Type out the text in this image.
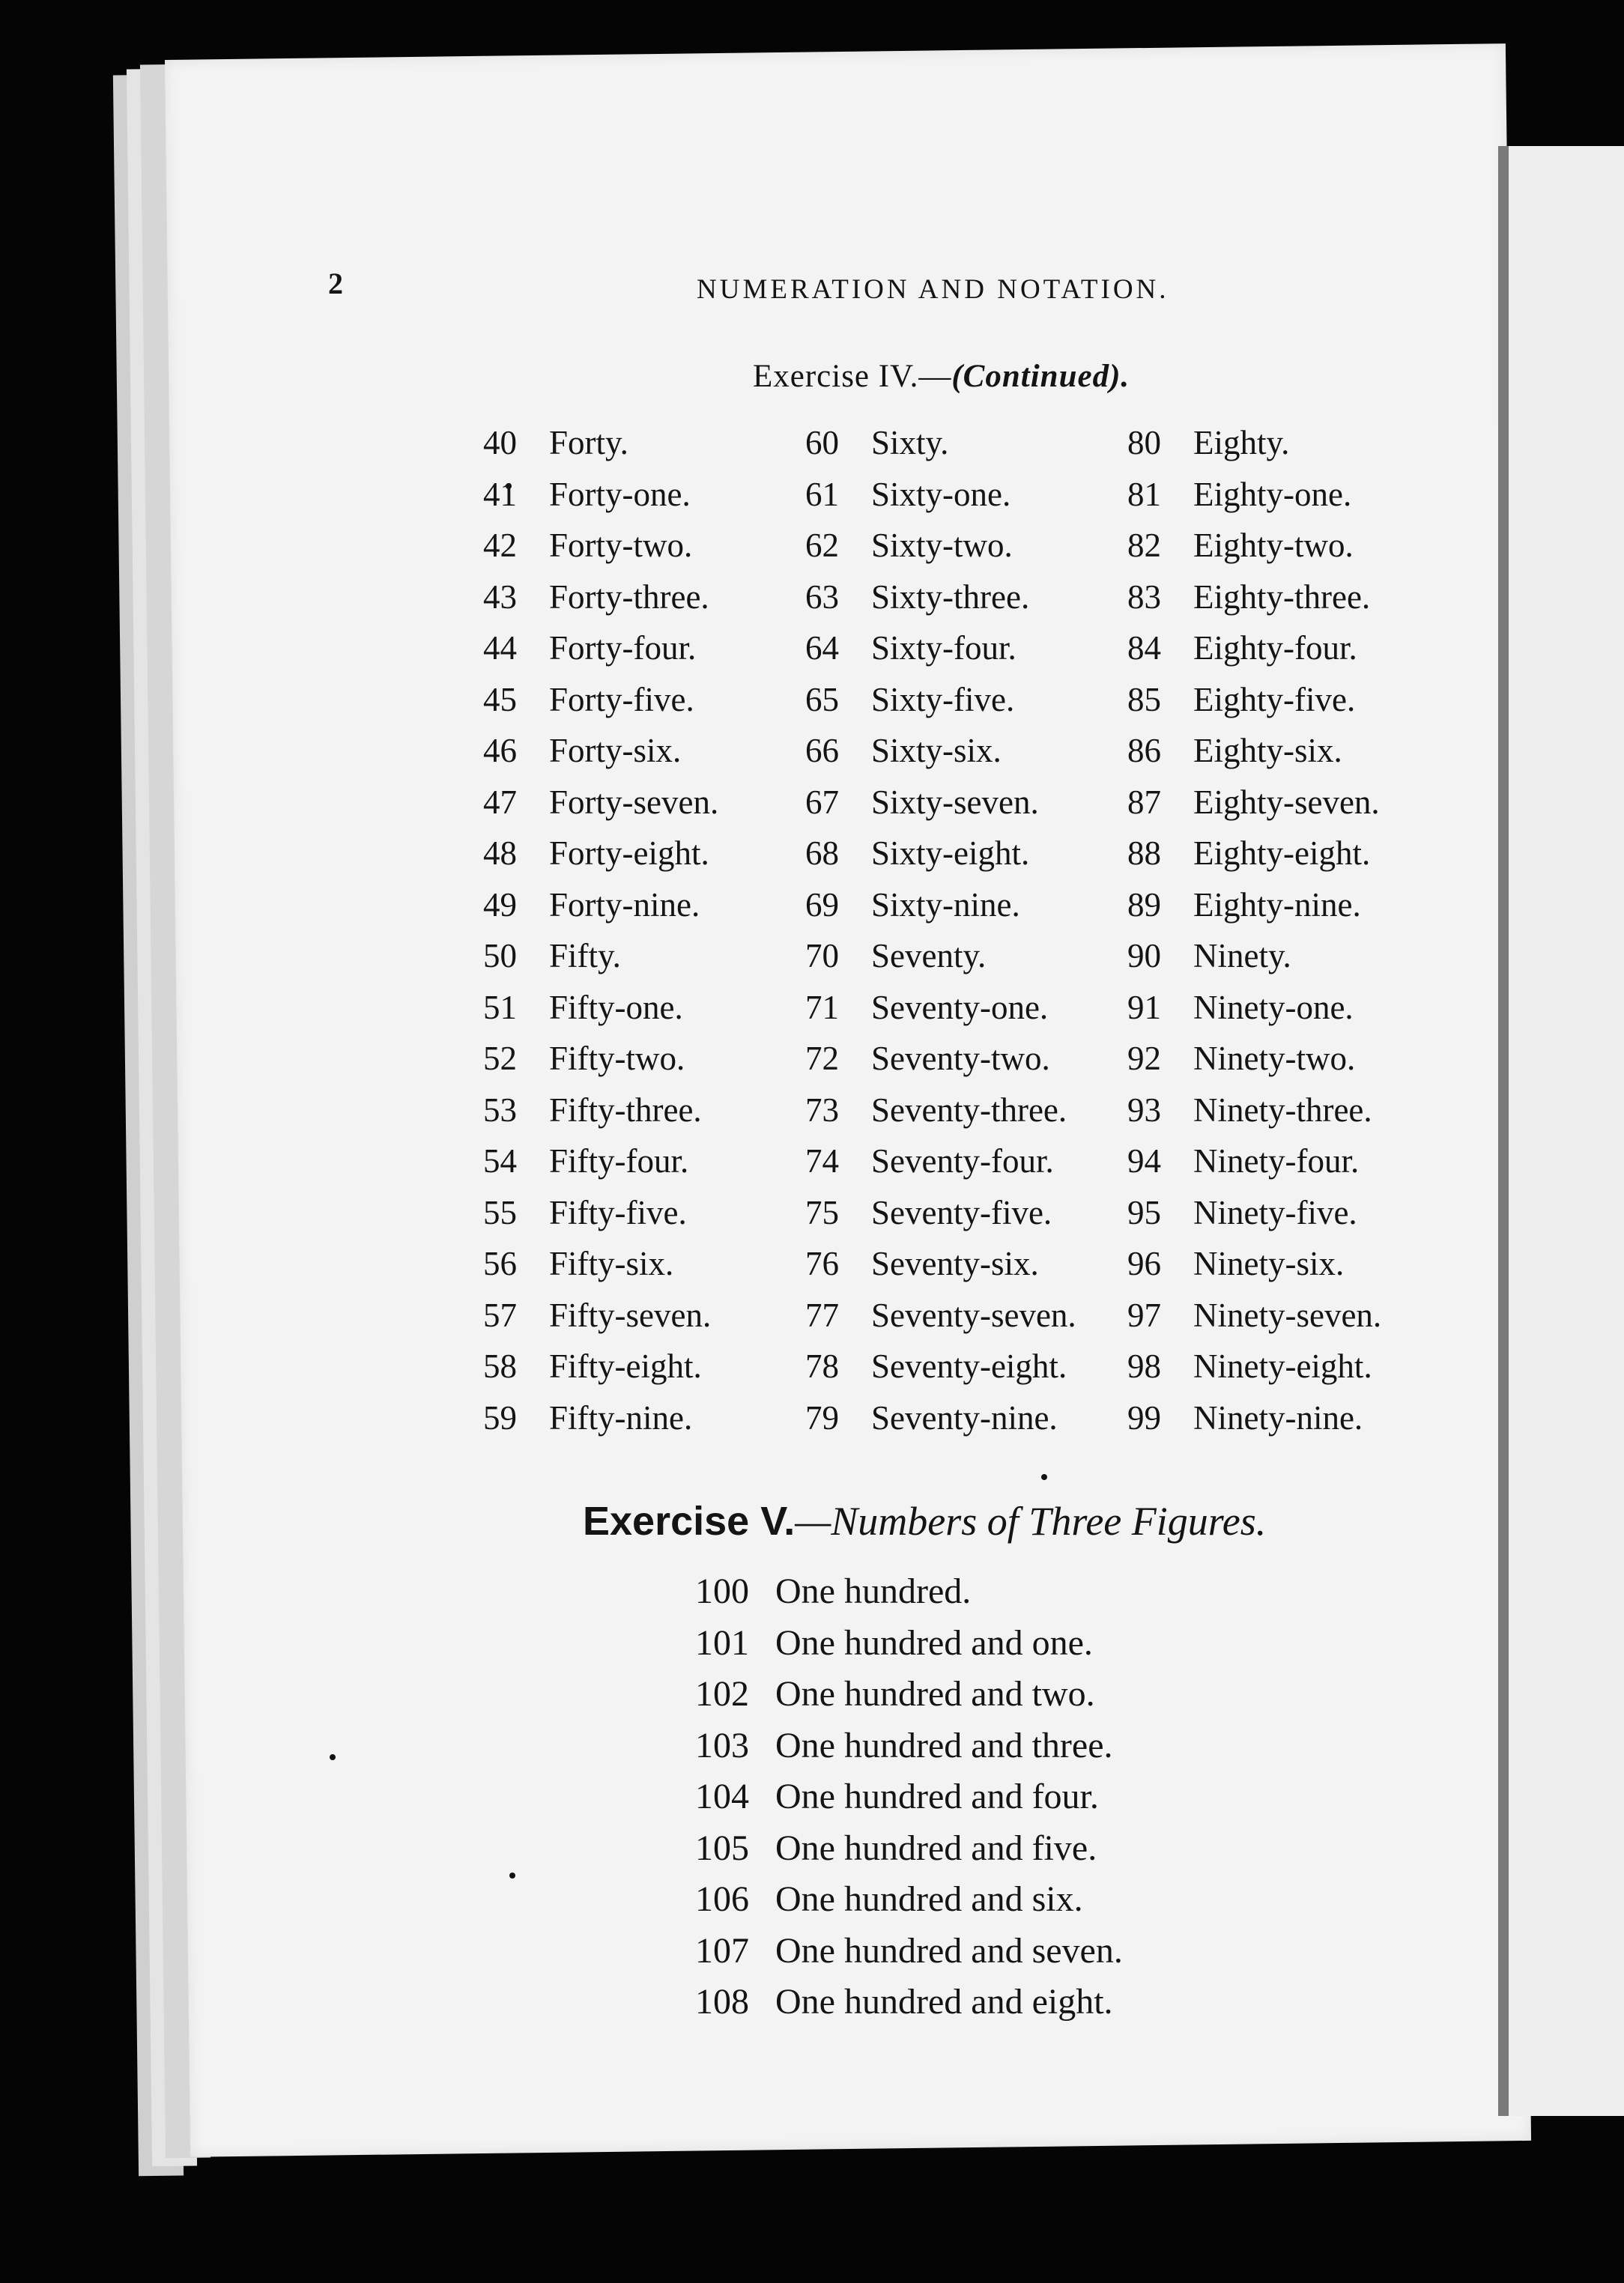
2	NUMERATION AND NOTATION.
Exercise IV.—(Continued).
40 Forty.	60 Sixty.	80 Eighty.
41 Forty-one.	61 Sixty-one.	81 Eighty-one.
42 Forty-two.	62 Sixty-two.	82 Eighty-two.
43 Forty-three.	63 Sixty-three.	83 Eighty-three.
44 Forty-four.	64 Sixty-four.	84 Eighty-four.
45 Forty-five.	65 Sixty-five.	85 Eighty-five.
46 Forty-six.	66 Sixty-six.	86 Eighty-six.
47 Forty-seven.	67 Sixty-seven.	87 Eighty-seven.
48 Forty-eight.	68 Sixty-eight.	88 Eighty-eight.
49 Forty-nine.	69 Sixty-nine.	89 Eighty-nine.
50 Fifty.	70 Seventy.	90 Ninety.
51 Fifty-one.	71 Seventy-one. 91 Ninety-one.
52 Fifty-two.	72 Seventy-two. 92 Ninety-two.
53 Fifty-three.	73 Seventy-three. 93 Ninety-three.
54 Fifty-four.	74 Seventy-four. 94 Ninety-four.
55 Fifty-five.	75 Seventy-five. 95 Ninety-five.
56 Fifty-six.	76 Seventy-six.	96 Ninety-six.
57 Fifty-seven.	77 Seventy-seven. 97 Ninety-seven.
58 Fifty-eight.	78 Seventy-eight. 98 Ninety-eight.
59 Fifty-nine.	79 Seventy-nine. 99 Ninety-nine.
Exercise V.—Numbers of Three Figures.
100 One hundred.
101 One hundred and one.
102 One hundred and two.
103 One hundred and three.
104 One hundred and four.
105 One hundred and five.
106 One hundred and six.
107 One hundred and seven.
108 One hundred and eight.
